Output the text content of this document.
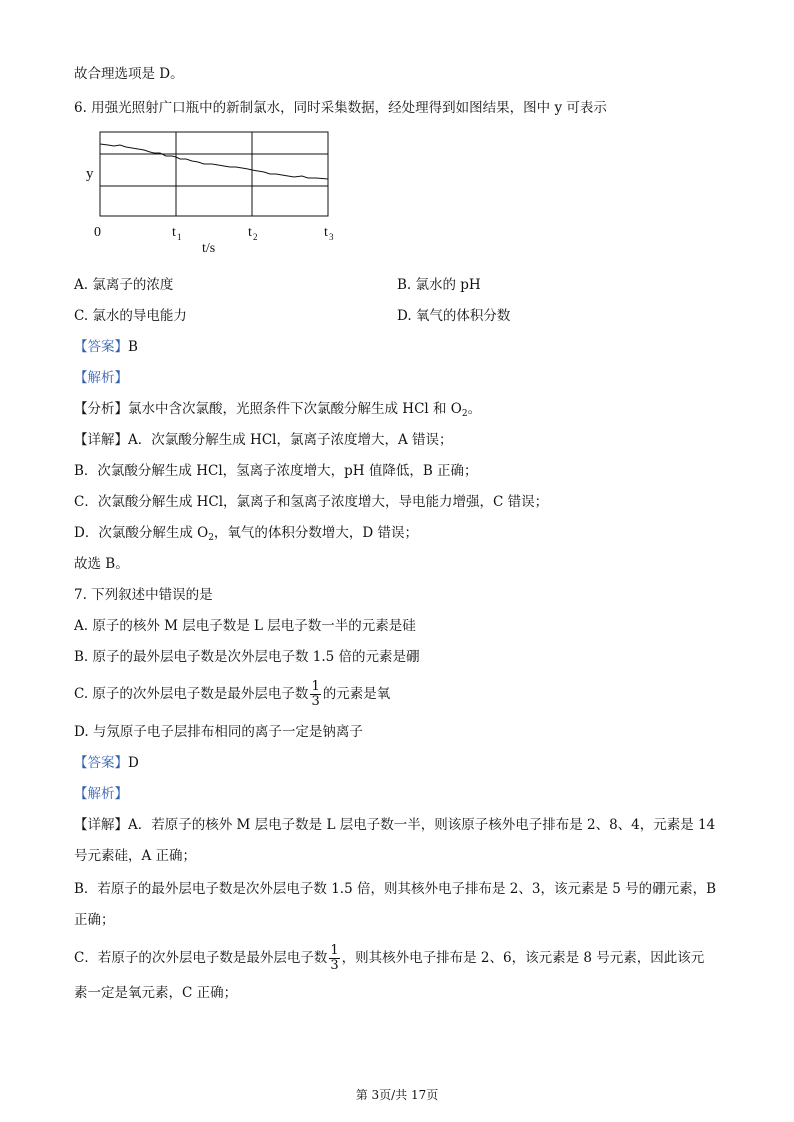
故合理选项是 D。
6. 用强光照射广口瓶中的新制氯水，同时采集数据，经处理得到如图结果，图中 y 可表示
y
0	t 1	t 2	t 3
t/s
A. 氯离子的浓度	B. 氯水的 pH
C. 氯水的导电能力	D. 氧气的体积分数
【答案】B
【解析】
【分析】氯水中含次氯酸，光照条件下次氯酸分解生成 HCl 和 $O_2$。
【详解】A．次氯酸分解生成 HCl，氯离子浓度增大，A 错误；
B．次氯酸分解生成 HCl，氢离子浓度增大，pH 值降低，B 正确；
C．次氯酸分解生成 HCl，氯离子和氢离子浓度增大，导电能力增强，C 错误；
D．次氯酸分解生成 $O_2$，氧气的体积分数增大，D 错误；
故选 B。
7. 下列叙述中错误的是
A. 原子的核外 M 层电子数是 L 层电子数一半的元素是硅
B. 原子的最外层电子数是次外层电子数 1.5 倍的元素是硼
C. 原子的次外层电子数是最外层电子数 $\frac{1}{3}$ 的元素是氧
D. 与氖原子电子层排布相同的离子一定是钠离子
【答案】D
【解析】
【详解】A．若原子的核外 M 层电子数是 L 层电子数一半，则该原子核外电子排布是 2、8、4，元素是 14
号元素硅，A 正确；
B．若原子的最外层电子数是次外层电子数 1.5 倍，则其核外电子排布是 2、3，该元素是 5 号的硼元素，B
正确；
C．若原子的次外层电子数是最外层电子数 $\frac{1}{3}$ ，则其核外电子排布是 2、6，该元素是 8 号元素，因此该元
素一定是氧元素，C 正确；
第 3页/共 17页
